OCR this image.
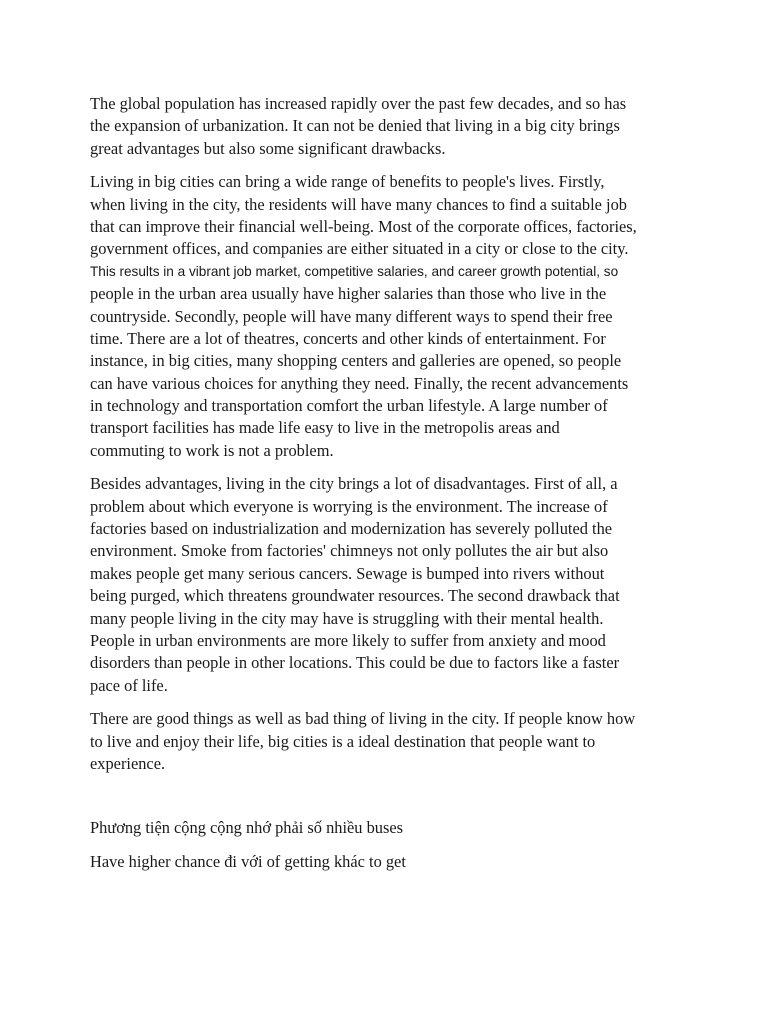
The global population has increased rapidly over the past few decades, and so has
the expansion of urbanization. It can not be denied that living in a big city brings
great advantages but also some significant drawbacks.
Living in big cities can bring a wide range of benefits to people's lives. Firstly,
when living in the city, the residents will have many chances to find a suitable job
that can improve their financial well-being. Most of the corporate offices, factories,
government offices, and companies are either situated in a city or close to the city.
This results in a vibrant job market, competitive salaries, and career growth potential, so
people in the urban area usually have higher salaries than those who live in the
countryside. Secondly, people will have many different ways to spend their free
time. There are a lot of theatres, concerts and other kinds of entertainment. For
instance, in big cities, many shopping centers and galleries are opened, so people
can have various choices for anything they need. Finally, the recent advancements
in technology and transportation comfort the urban lifestyle. A large number of
transport facilities has made life easy to live in the metropolis areas and
commuting to work is not a problem.
Besides advantages, living in the city brings a lot of disadvantages. First of all, a
problem about which everyone is worrying is the environment. The increase of
factories based on industrialization and modernization has severely polluted the
environment. Smoke from factories' chimneys not only pollutes the air but also
makes people get many serious cancers. Sewage is bumped into rivers without
being purged, which threatens groundwater resources. The second drawback that
many people living in the city may have is struggling with their mental health.
People in urban environments are more likely to suffer from anxiety and mood
disorders than people in other locations. This could be due to factors like a faster
pace of life.
There are good things as well as bad thing of living in the city. If people know how
to live and enjoy their life, big cities is a ideal destination that people want to
experience.
Phương tiện cộng cộng nhớ phải số nhiều buses
Have higher chance đi với of getting khác to get
